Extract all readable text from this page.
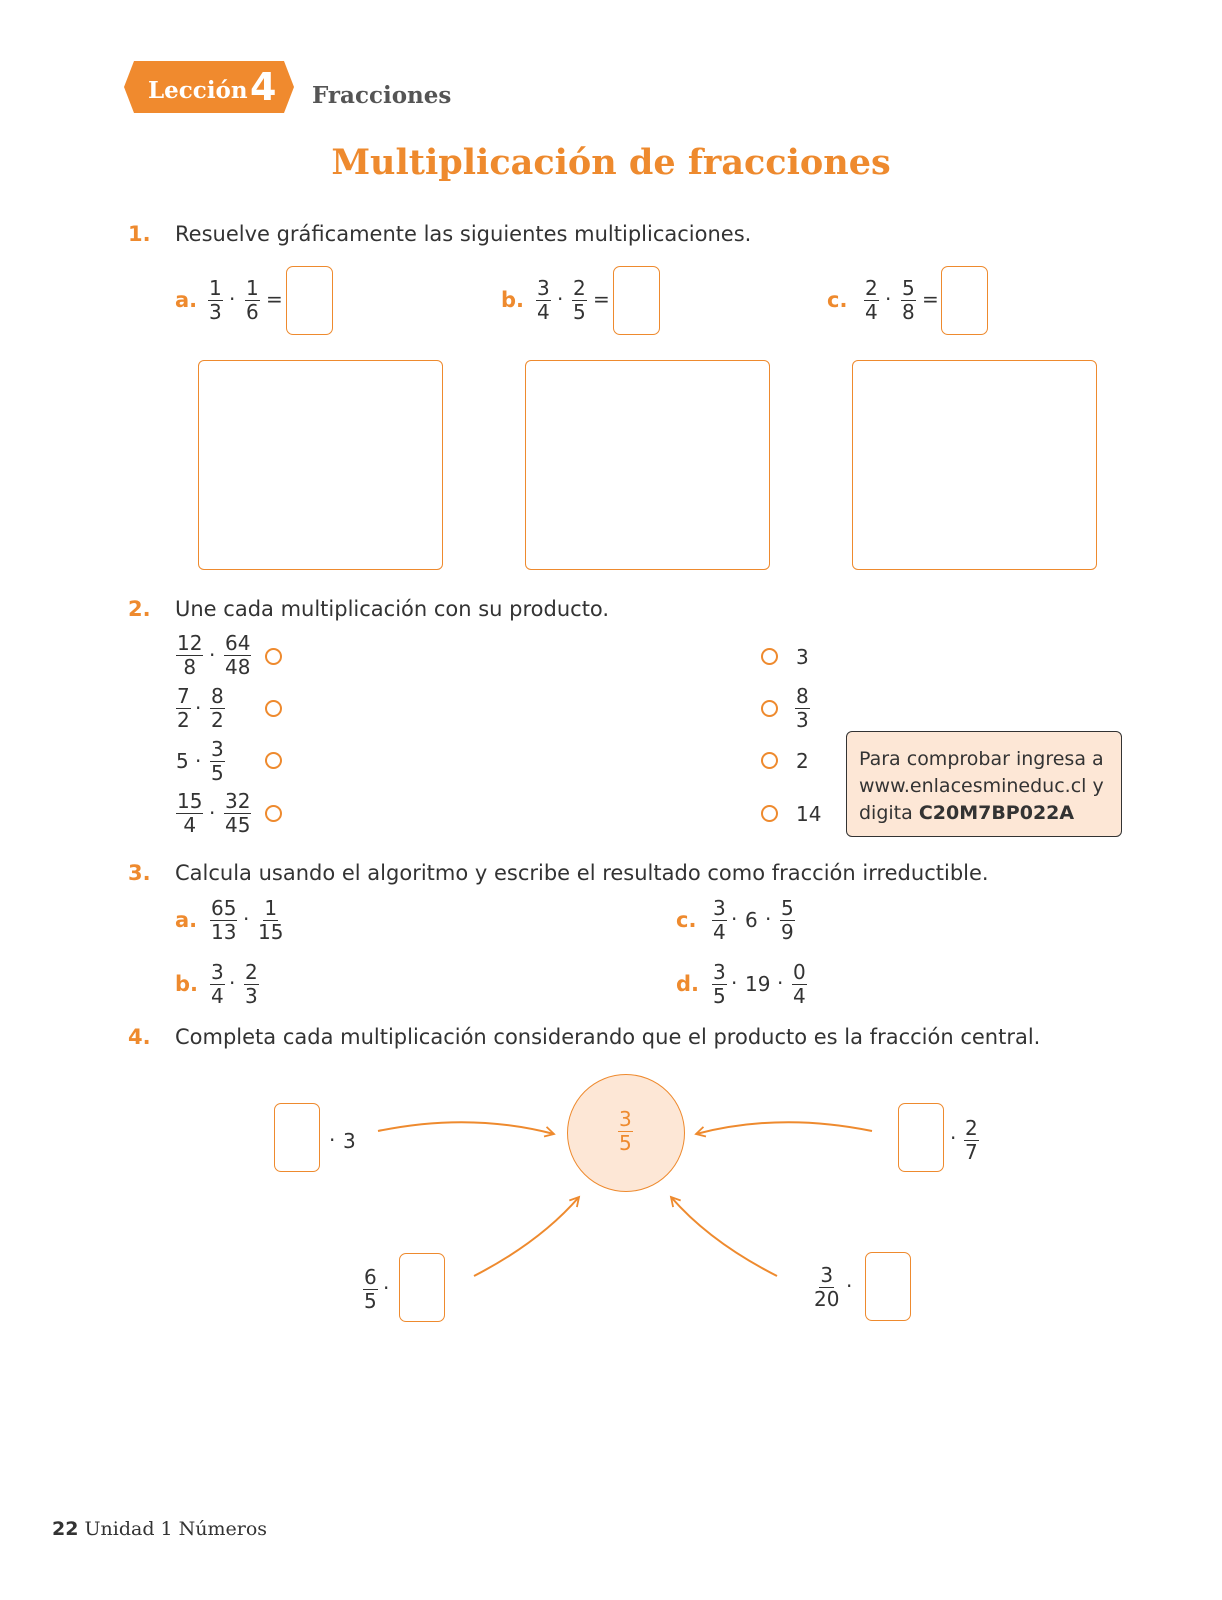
Lección 4 Fracciones
Multiplicación de fracciones
1. Resuelve gráficamente las siguientes multiplicaciones.
a. $\frac{1}{3} \cdot \frac{1}{6}$ =	b. $\frac{3}{4} \cdot \frac{2}{5}$ =	c. $\frac{2}{4} \cdot \frac{5}{8}$ =
2. Une cada multiplicación con su producto.
$\frac{12}{8} \cdot \frac{64}{48}$
$\frac{7}{2} \cdot \frac{8}{2}$
$5 \cdot \frac{3}{5}$
$\frac{15}{4} \cdot \frac{32}{45}$
3
$\frac{8}{3}$
2
14
Para comprobar ingresa a
www.enlacesmineduc.cl y
digita C20M7BP022A
3. Calcula usando el algoritmo y escribe el resultado como fracción irreductible.
a. $\frac{65}{13} \cdot \frac{1}{15}$
b. $\frac{3}{4} \cdot \frac{2}{3}$
c. $\frac{3}{4} \cdot 6 \cdot \frac{5}{9}$
d. $\frac{3}{5} \cdot 19 \cdot \frac{0}{4}$
4. Completa cada multiplicación considerando que el producto es la fracción central.
$\frac{3}{5}$
· 3	· $\frac{2}{7}$
$\frac{6}{5}$ ·	$\frac{3}{20}$ ·
22 Unidad 1 Números
